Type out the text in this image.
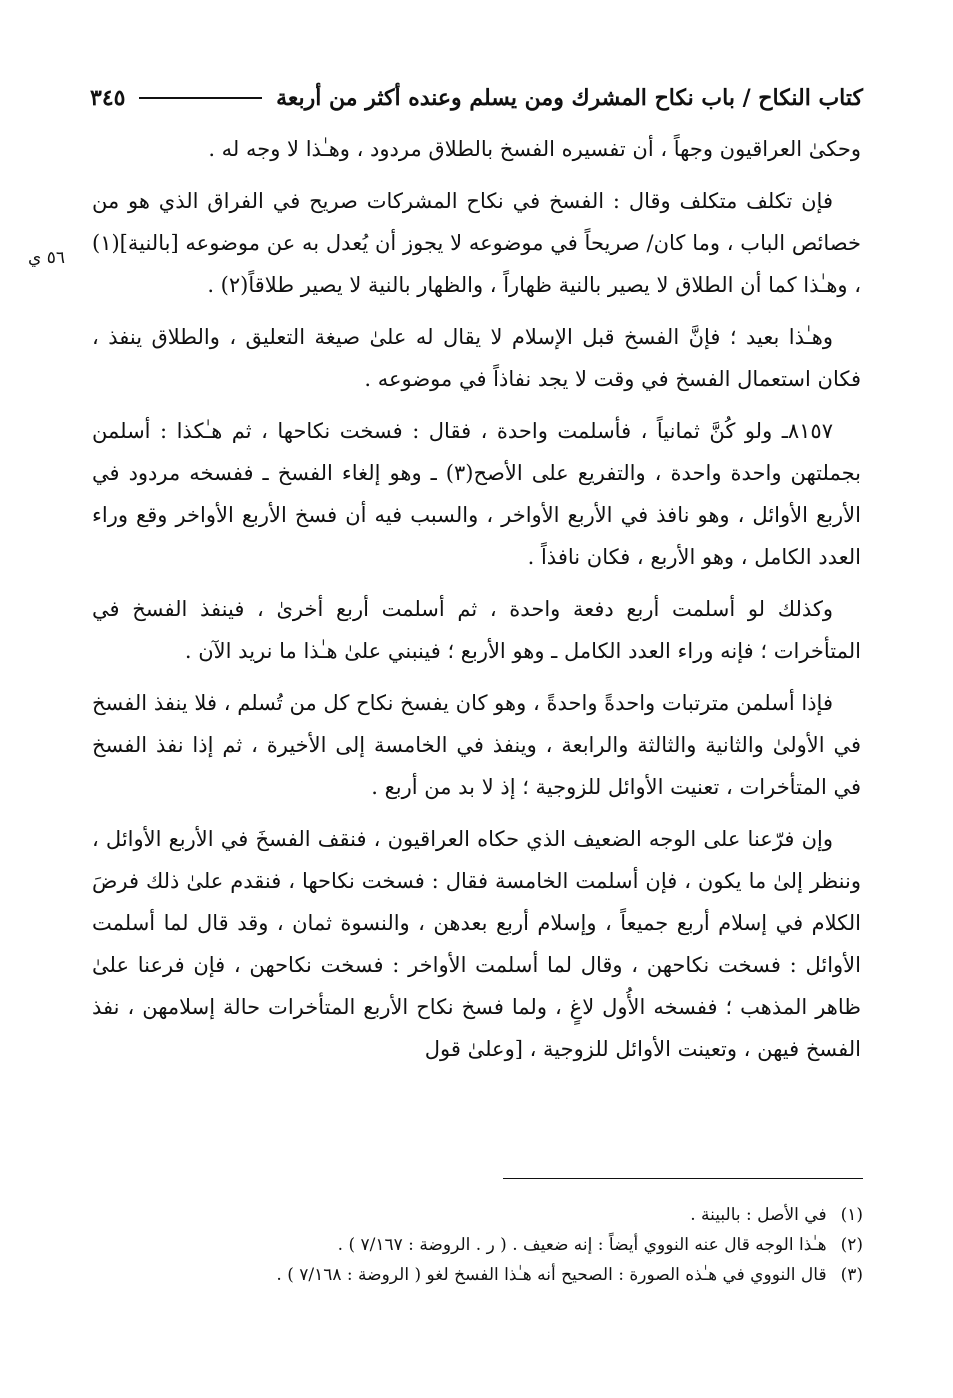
كتاب النكاح / باب نكاح المشرك ومن يسلم وعنده أكثر من أربعة
٣٤٥
٥٦ ي

وحكىٰ العراقيون وجهاً ، أن تفسيره الفسخ بالطلاق مردود ، وهـٰذا لا وجه له .

فإن تكلف متكلف وقال : الفسخ في نكاح المشركات صريح في الفراق الذي هو من خصائص الباب ، وما كان/ صريحاً في موضوعه لا يجوز أن يُعدل به عن موضوعه [بالنية](١) ، وهـٰذا كما أن الطلاق لا يصير بالنية ظهاراً ، والظهار بالنية لا يصير طلاقاً(٢) .

وهـٰذا بعيد ؛ فإنَّ الفسخ قبل الإسلام لا يقال له علىٰ صيغة التعليق ، والطلاق ينفذ ، فكان استعمال الفسخ في وقت لا يجد نفاذاً في موضوعه .

٨١٥٧ـ ولو كُنَّ ثمانياً ، فأسلمت واحدة ، فقال : فسخت نكاحها ، ثم هـٰكذا : أسلمن بجملتهن واحدة واحدة ، والتفريع على الأصح(٣) ـ وهو إلغاء الفسخ ـ ففسخه مردود في الأربع الأوائل ، وهو نافذ في الأربع الأواخر ، والسبب فيه أن فسخ الأربع الأواخر وقع وراء العدد الكامل ، وهو الأربع ، فكان نافذاً .

وكذلك لو أسلمت أربع دفعة واحدة ، ثم أسلمت أربع أخرىٰ ، فينفذ الفسخ في المتأخرات ؛ فإنه وراء العدد الكامل ـ وهو الأربع ؛ فينبني علىٰ هـٰذا ما نريد الآن .

فإذا أسلمن مترتبات واحدةً واحدةً ، وهو كان يفسخ نكاح كل من تُسلم ، فلا ينفذ الفسخ في الأولىٰ والثانية والثالثة والرابعة ، وينفذ في الخامسة إلى الأخيرة ، ثم إذا نفذ الفسخ في المتأخرات ، تعنيت الأوائل للزوجية ؛ إذ لا بد من أربع .

وإن فرّعنا على الوجه الضعيف الذي حكاه العراقيون ، فنقف الفسخَ في الأربع الأوائل ، وننظر إلىٰ ما يكون ، فإن أسلمت الخامسة فقال : فسخت نكاحها ، فنقدم علىٰ ذلك فرضَ الكلام في إسلام أربع جميعاً ، وإسلام أربع بعدهن ، والنسوة ثمان ، وقد قال لما أسلمت الأوائل : فسخت نكاحهن ، وقال لما أسلمت الأواخر : فسخت نكاحهن ، فإن فرعنا علىٰ ظاهر المذهب ؛ ففسخه الأُول لاغٍ ، ولما فسخ نكاح الأربع المتأخرات حالة إسلامهن ، نفذ الفسخ فيهن ، وتعينت الأوائل للزوجية ، [وعلىٰ قول

(١)
في الأصل : بالبينة .
(٢)
هـٰذا الوجه قال عنه النووي أيضاً : إنه ضعيف . ( ر . الروضة : ٧/١٦٧ ) .
(٣)
قال النووي في هـٰذه الصورة : الصحيح أنه هـٰذا الفسخ لغو ( الروضة : ٧/١٦٨ ) .
